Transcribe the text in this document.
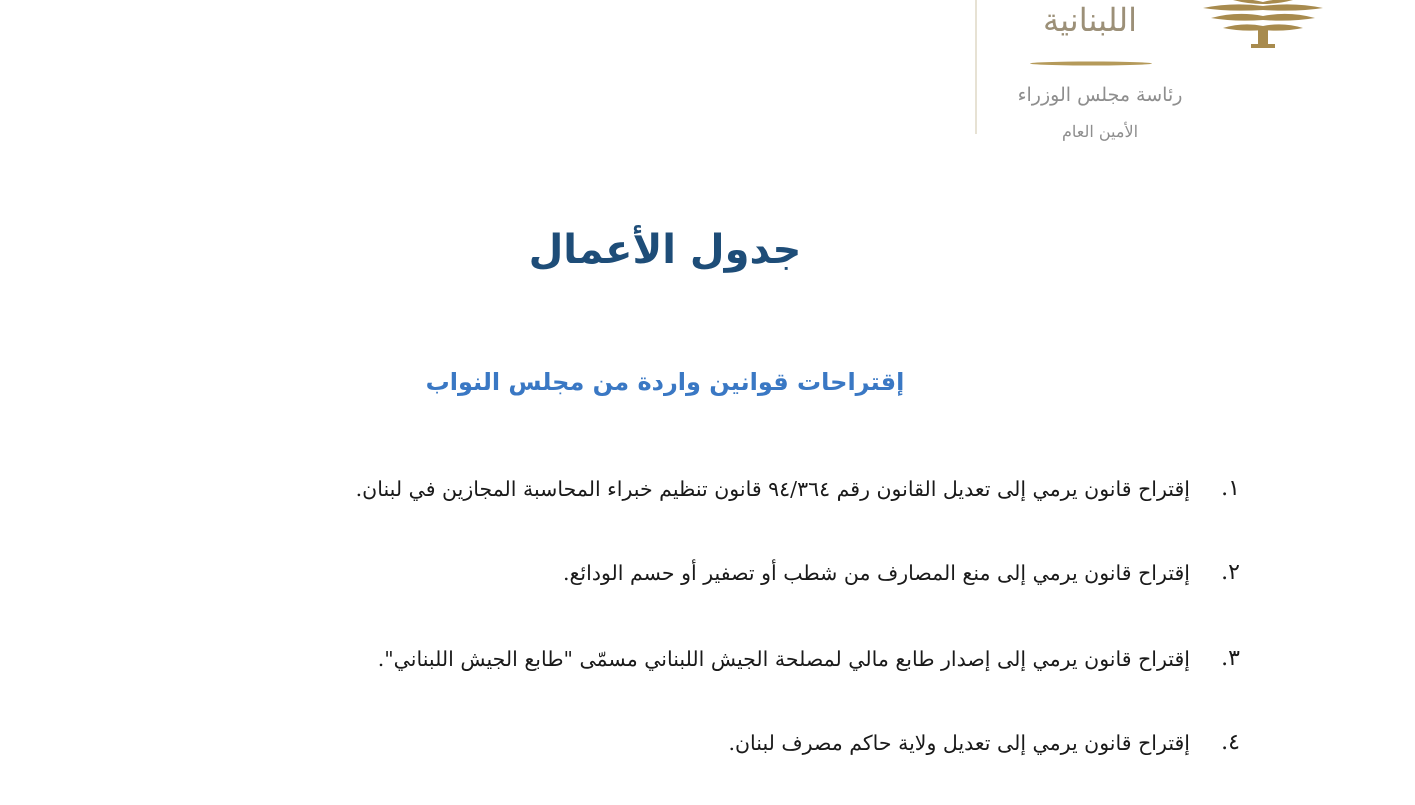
اللبنانية
رئاسة مجلس الوزراء
الأمين العام
جدول الأعمال
إقتراحات قوانين واردة من مجلس النواب
١.
إقتراح قانون يرمي إلى تعديل القانون رقم ٩٤/٣٦٤ قانون تنظيم خبراء المحاسبة المجازين في لبنان.
٢.
إقتراح قانون يرمي إلى منع المصارف من شطب أو تصفير أو حسم الودائع.
٣.
إقتراح قانون يرمي إلى إصدار طابع مالي لمصلحة الجيش اللبناني مسمّى "طابع الجيش اللبناني".
٤.
إقتراح قانون يرمي إلى تعديل ولاية حاكم مصرف لبنان.
